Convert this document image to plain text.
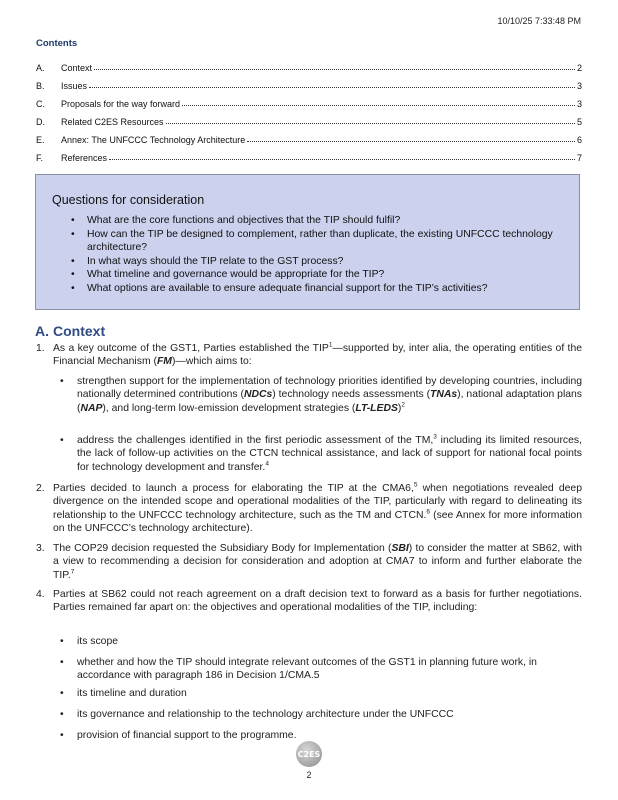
10/10/25 7:33:48 PM
Contents
A.	Context	2
B.	Issues	3
C.	Proposals for the way forward	3
D.	Related C2ES Resources	5
E.	Annex: The UNFCCC Technology Architecture	6
F.	References	7
Questions for consideration
• What are the core functions and objectives that the TIP should fulfil?
• How can the TIP be designed to complement, rather than duplicate, the existing UNFCCC technology architecture?
• In what ways should the TIP relate to the GST process?
• What timeline and governance would be appropriate for the TIP?
• What options are available to ensure adequate financial support for the TIP’s activities?
A. Context
1. As a key outcome of the GST1, Parties established the TIP$^1$—supported by, inter alia, the operating entities of the Financial Mechanism (FM)—which aims to:
• strengthen support for the implementation of technology priorities identified by developing countries, including nationally determined contributions (NDCs) technology needs assessments (TNAs), national adaptation plans (NAP), and long-term low-emission development strategies (LT-LEDS)$^2$
• address the challenges identified in the first periodic assessment of the TM,$^3$ including its limited resources, the lack of follow-up activities on the CTCN technical assistance, and lack of support for national focal points for technology development and transfer.$^4$
2. Parties decided to launch a process for elaborating the TIP at the CMA6,$^5$ when negotiations revealed deep divergence on the intended scope and operational modalities of the TIP, particularly with regard to delineating its relationship to the UNFCCC technology architecture, such as the TM and CTCN.$^6$ (see Annex for more information on the UNFCCC’s technology architecture).
3. The COP29 decision requested the Subsidiary Body for Implementation (SBI) to consider the matter at SB62, with a view to recommending a decision for consideration and adoption at CMA7 to inform and further elaborate the TIP.$^7$
4. Parties at SB62 could not reach agreement on a draft decision text to forward as a basis for further negotiations. Parties remained far apart on: the objectives and operational modalities of the TIP, including:
• its scope
• whether and how the TIP should integrate relevant outcomes of the GST1 in planning future work, in accordance with paragraph 186 in Decision 1/CMA.5
• its timeline and duration
• its governance and relationship to the technology architecture under the UNFCCC
• provision of financial support to the programme.
C2ES
2
